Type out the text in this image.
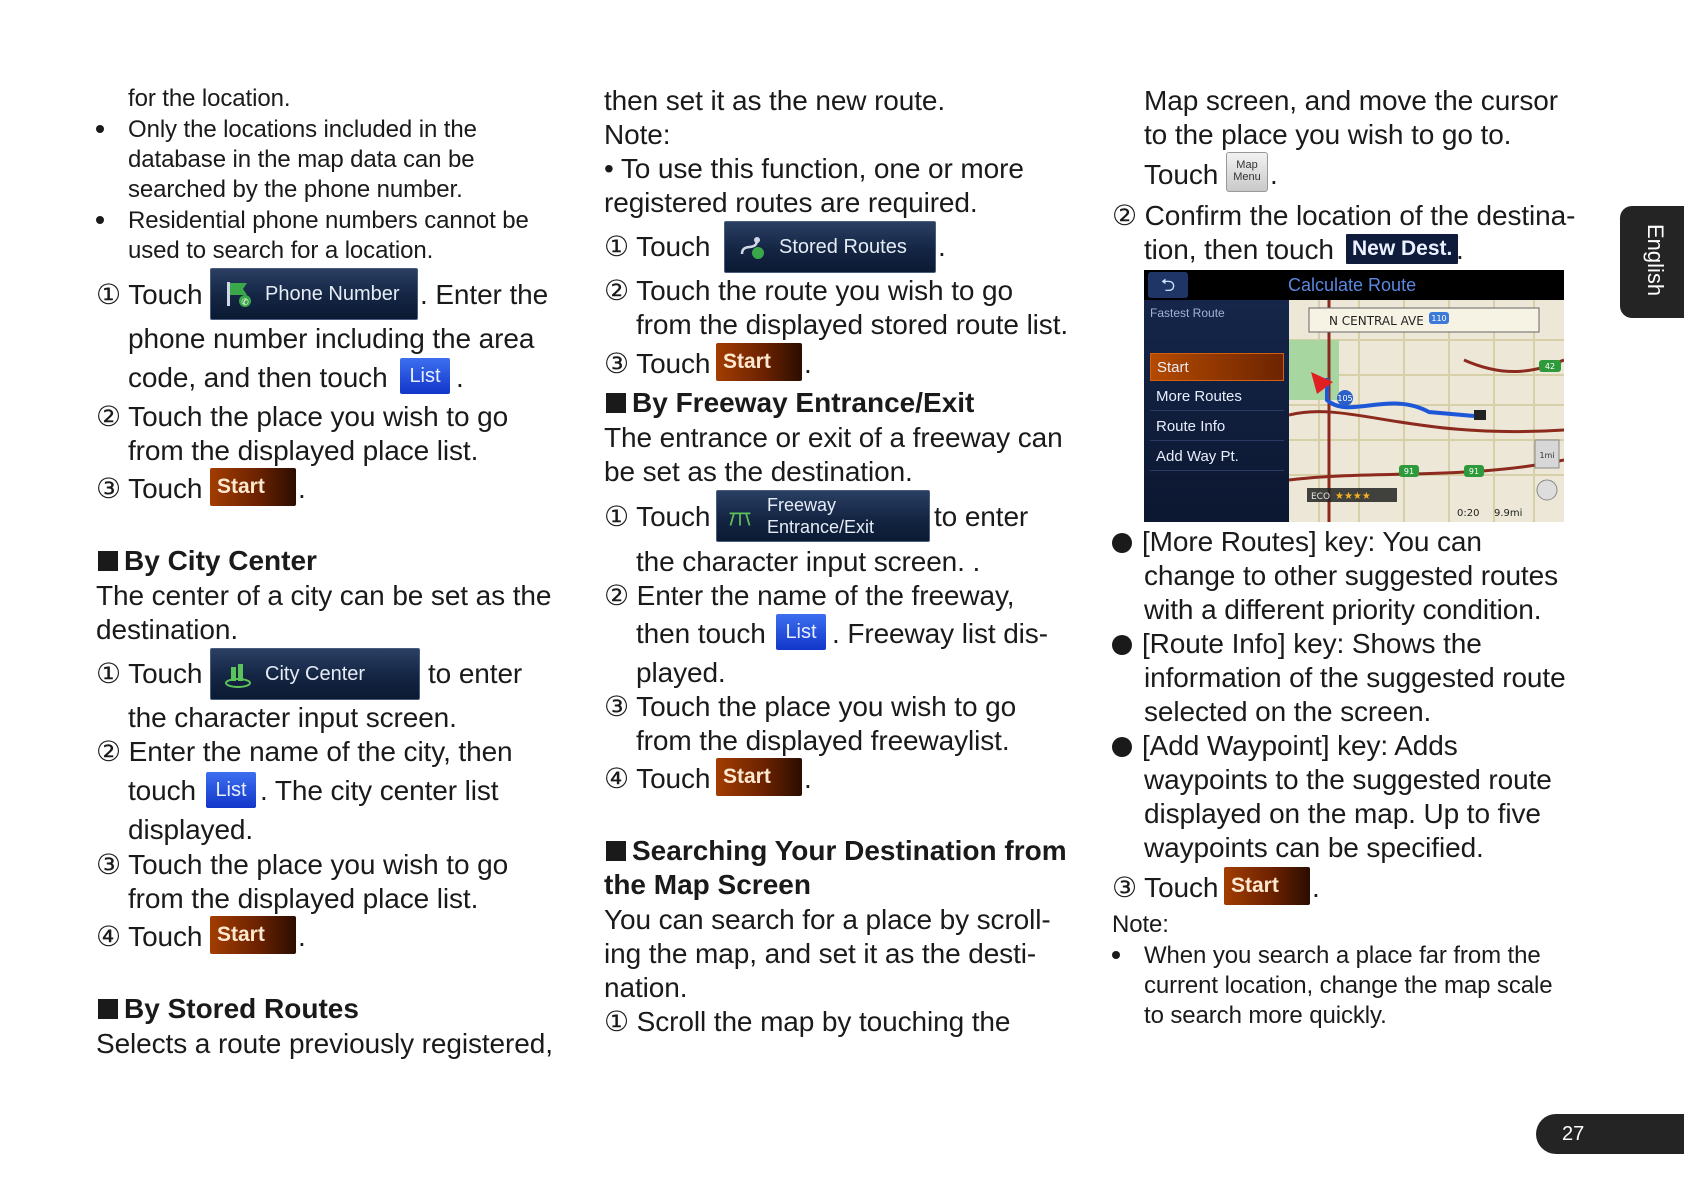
for the location.
Only the locations included in the
database in the map data can be
searched by the phone number.
Residential phone numbers cannot be
used to search for a location.
① Touch	✆ Phone Number . Enter the
phone number including the area
code, and then touch	List .
② Touch the place you wish to go
from the displayed place list.
③ Touch Start	.
By City Center
The center of a city can be set as the
destination.
① Touch	City Center to enter
the character input screen.
② Enter the name of the city, then
touch List . The city center list
displayed.
③ Touch the place you wish to go
from the displayed place list.
④ Touch Start	.
By Stored Routes
Selects a route previously registered,
then set it as the new route.
Note:
• To use this function, one or more
registered routes are required.
① Touch	Stored Routes .
② Touch the route you wish to go
from the displayed stored route list.
③ Touch Start	.
By Freeway Entrance/Exit
The entrance or exit of a freeway can
be set as the destination.
① Touch	Freeway
Entrance/Exit to enter
the character input screen. .
② Enter the name of the freeway,
then touch List . Freeway list dis-
played.
③ Touch the place you wish to go
from the displayed freewaylist.
④ Touch Start	.
Searching Your Destination from
the Map Screen
You can search for a place by scroll-
ing the map, and set it as the desti-
nation.
① Scroll the map by touching the
Map screen, and move the cursor
to the place you wish to go to.
Touch	Map
Menu .
② Confirm the location of the destina-
tion, then touch New Dest. .
[More Routes] key: You can
change to other suggested routes
with a different priority condition.
[Route Info] key: Shows the
information of the suggested route
selected on the screen.
[Add Waypoint] key: Adds
waypoints to the suggested route
displayed on the map. Up to five
waypoints can be specified.
③ Touch Start	.
Note:
When you search a place far from the
current location, change the map scale
to search more quickly.
⮌	Calculate Route
Fastest Route
Start
More Routes
Route Info
Add Way Pt.
N CENTRAL AVE 110
42
105
91	91
ECO ★★★★
1mi
0:20 9.9mi
English
27
